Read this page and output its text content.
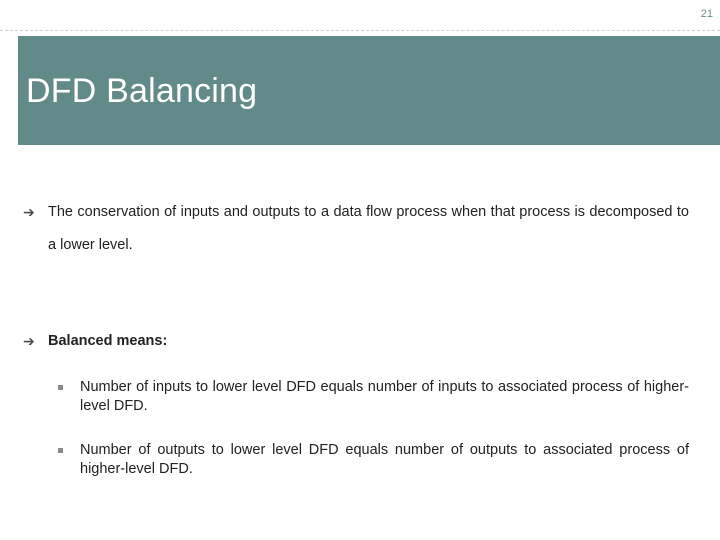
21
DFD Balancing
➔ The conservation of inputs and outputs to a data flow process when that process is decomposed to a lower level.
➔ Balanced means:
Number of inputs to lower level DFD equals number of inputs to associated process of higher-level DFD.
Number of outputs to lower level DFD equals number of outputs to associated process of higher-level DFD.
